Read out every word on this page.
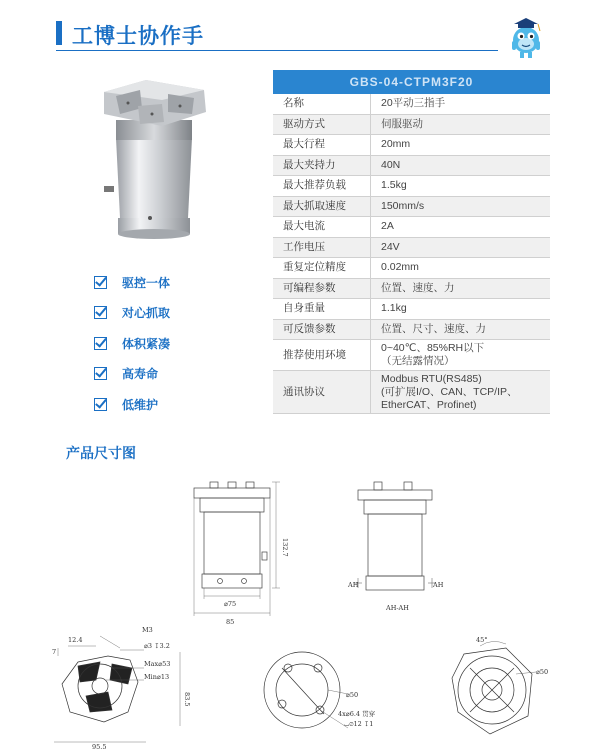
工博士协作手
GBS-04-CTPM3F20	
名称	20平动三指手
驱动方式	伺服驱动
最大行程	20mm
最大夹持力	40N
最大推荐负载	1.5kg
最大抓取速度	150mm/s
最大电流	2A
工作电压	24V
重复定位精度	0.02mm
可编程参数	位置、速度、力
自身重量	1.1kg
可反馈参数	位置、尺寸、速度、力
推荐使用环境	0~40℃、85%RH以下
（无结露情况）

通讯协议	Modbus RTU(RS485)
(可扩展I/O、CAN、TCP/IP、
EtherCAT、Profinet)
驱控一体
对心抓取
体积紧凑
高寿命
低维护
产品尺寸图
132.7
⌀75
85
AH	AH
AH-AH
12.4
M3
⌀3 ↧3.2
Max⌀53
Min⌀13
83.5
95.5
7
⌀50
4x⌀6.4 贯穿
⌴⌀12 ↧1
45°
⌀50
